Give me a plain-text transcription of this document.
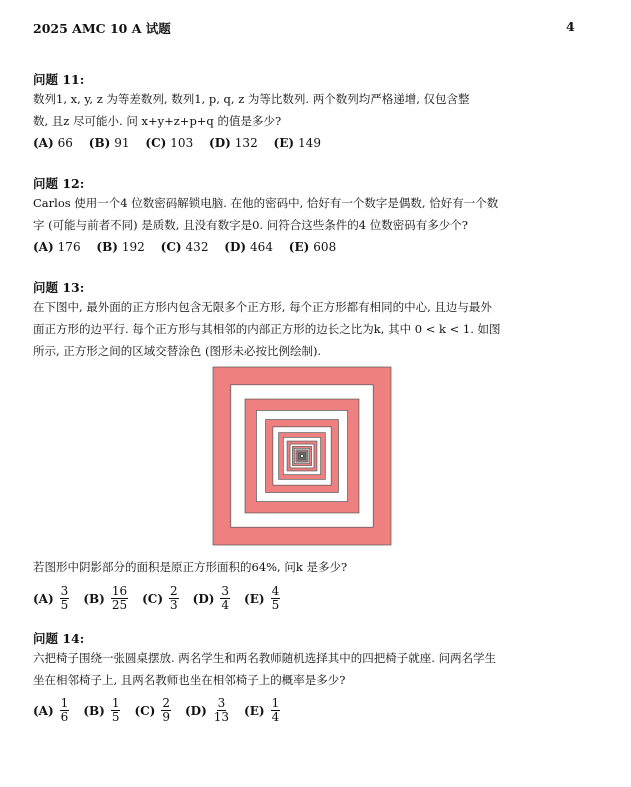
2025 AMC 10 A 试题	4
问题 11:
数列1, x, y, z 为等差数列, 数列1, p, q, z 为等比数列. 两个数列均严格递增, 仅包含整
数, 且z 尽可能小. 问 x+y+z+p+q 的值是多少?
(A) 66 (B) 91 (C) 103 (D) 132 (E) 149
问题 12:
Carlos 使用一个4 位数密码解锁电脑. 在他的密码中, 恰好有一个数字是偶数, 恰好有一个数
字 (可能与前者不同) 是质数, 且没有数字是0. 问符合这些条件的4 位数密码有多少个?
(A) 176 (B) 192 (C) 432 (D) 464 (E) 608
问题 13:
在下图中, 最外面的正方形内包含无限多个正方形, 每个正方形都有相同的中心, 且边与最外
面正方形的边平行. 每个正方形与其相邻的内部正方形的边长之比为k, 其中 0 < k < 1. 如图
所示, 正方形之间的区域交替涂色 (图形未必按比例绘制).
若图形中阴影部分的面积是原正方形面积的64%, 问k 是多少?
$(A) \frac{3}{5} (B) \frac{16}{25} (C) \frac{2}{3} (D) \frac{3}{4} (E) \frac{4}{5}$
问题 14:
六把椅子围绕一张圆桌摆放. 两名学生和两名教师随机选择其中的四把椅子就座. 问两名学生
坐在相邻椅子上, 且两名教师也坐在相邻椅子上的概率是多少?
$(A) \frac{1}{6} (B) \frac{1}{5} (C) \frac{2}{9} (D) \frac{3}{13} (E) \frac{1}{4}$
